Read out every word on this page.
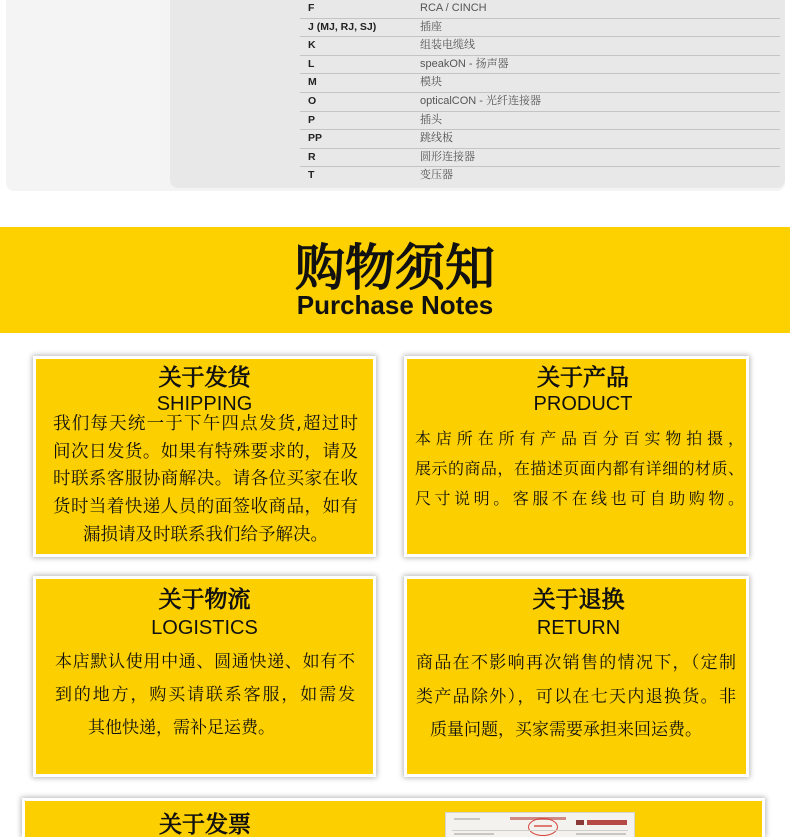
F	RCA / CINCH
J (MJ, RJ, SJ)	插座
K	组装电缆线
L	speakON - 扬声器
M	模块
O	opticalCON - 光纤连接器
P	插头
PP	跳线板
R	圆形连接器
T	变压器
购物须知
Purchase Notes
关于发货
SHIPPING
我们每天统一于下午四点发货,超过时
间次日发货。如果有特殊要求的，请及
时联系客服协商解决。请各位买家在收
货时当着快递人员的面签收商品，如有
漏损请及时联系我们给予解决。
关于产品
PRODUCT
本店所在所有产品百分百实物拍摄，
展示的商品，在描述页面内都有详细的材质、
尺寸说明。客服不在线也可自助购物。
关于物流
LOGISTICS
本店默认使用中通、圆通快递、如有不
到的地方，购买请联系客服，如需发
其他快递，需补足运费。
关于退换
RETURN
商品在不影响再次销售的情况下，（定制
类产品除外），可以在七天内退换货。非
质量问题，买家需要承担来回运费。
关于发票
